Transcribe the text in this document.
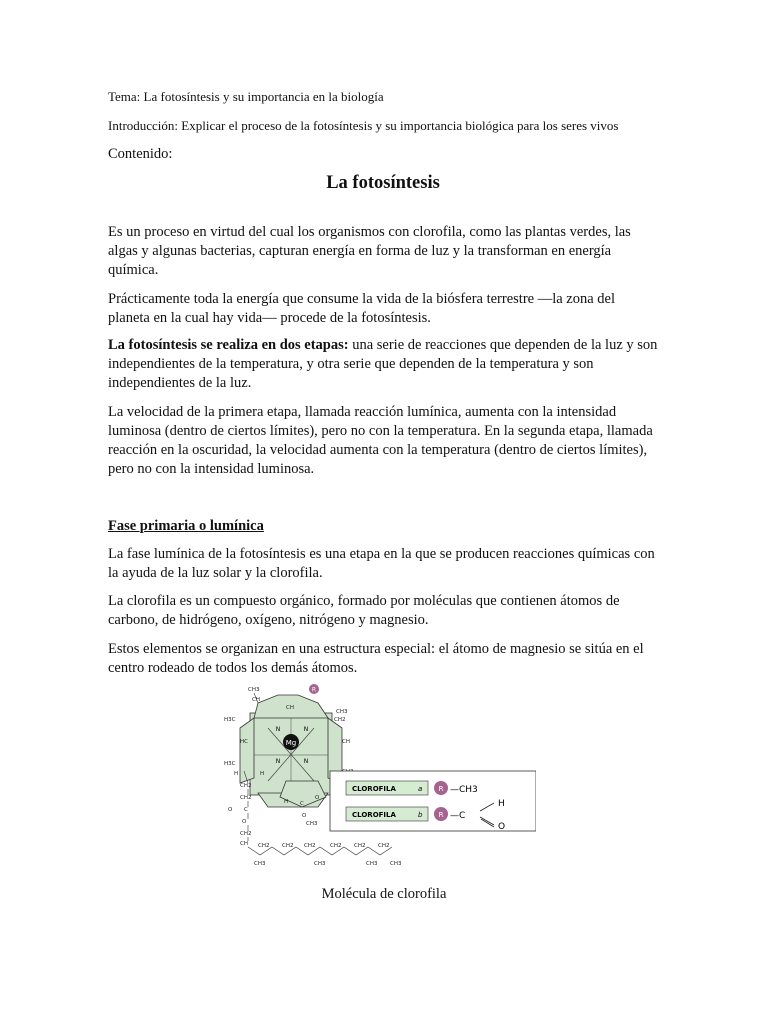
Tema: La fotosíntesis y su importancia en la biología

Introducción: Explicar el proceso de la fotosíntesis y su importancia biológica para los seres vivos

Contenido:

La fotosíntesis

Es un proceso en virtud del cual los organismos con clorofila, como las plantas verdes, las algas y algunas bacterias, capturan energía en forma de luz y la transforman en energía química.

Prácticamente toda la energía que consume la vida de la biósfera terrestre —la zona del planeta en la cual hay vida— procede de la fotosíntesis.

La fotosíntesis se realiza en dos etapas: una serie de reacciones que dependen de la luz y son independientes de la temperatura, y otra serie que dependen de la temperatura y son independientes de la luz.

La velocidad de la primera etapa, llamada reacción lumínica, aumenta con la intensidad luminosa (dentro de ciertos límites), pero no con la temperatura. En la segunda etapa, llamada reacción en la oscuridad, la velocidad aumenta con la temperatura (dentro de ciertos límites), pero no con la intensidad luminosa.

Fase primaria o lumínica

La fase lumínica de la fotosíntesis es una etapa en la que se producen reacciones químicas con la ayuda de la luz solar y la clorofila.

La clorofila es un compuesto orgánico, formado por moléculas que contienen átomos de carbono, de hidrógeno, oxígeno, nitrógeno y magnesio.

Estos elementos se organizan en una estructura especial: el átomo de magnesio se sitúa en el centro rodeado de todos los demás átomos.

Mg
N	N
N	N
CH3
CH
CH
H3C
CH3
CH2
HC	CH
H3C
H	H
CH2
H C
O
CH2
O C
O
CH3
O
CH2
CH CH2
CH3
CH2 CH2
CH3
CH2 CH2
CH3
CH2
CH3
R
CLOROFILA	a R —CH3
CLOROFILA	b R —C
H
O
Molécula de clorofila
